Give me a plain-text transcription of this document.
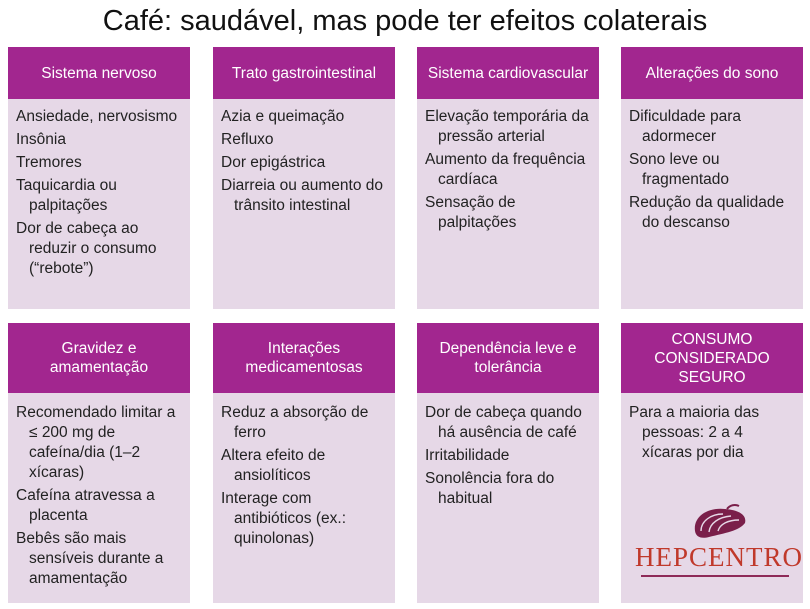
Café: saudável, mas pode ter efeitos colaterais
Sistema nervoso
Ansiedade, nervosismo
Insônia
Tremores
Taquicardia ou palpitações
Dor de cabeça ao reduzir o consumo (“rebote”)
Trato gastrointestinal
Azia e queimação
Refluxo
Dor epigástrica
Diarreia ou aumento do trânsito intestinal
Sistema cardiovascular
Elevação temporária da pressão arterial
Aumento da frequência cardíaca
Sensação de palpitações
Alterações do sono
Dificuldade para adormecer
Sono leve ou fragmentado
Redução da qualidade do descanso
Gravidez e amamentação
Recomendado limitar a ≤ 200 mg de cafeína/dia (1–2 xícaras)
Cafeína atravessa a placenta
Bebês são mais sensíveis durante a amamentação
Interações medicamentosas
Reduz a absorção de ferro
Altera efeito de ansiolíticos
Interage com antibióticos (ex.: quinolonas)
Dependência leve e tolerância
Dor de cabeça quando há ausência de café
Irritabilidade
Sonolência fora do habitual
CONSUMO CONSIDERADO SEGURO
Para a maioria das pessoas: 2 a 4 xícaras por dia
HEPCENTRO
